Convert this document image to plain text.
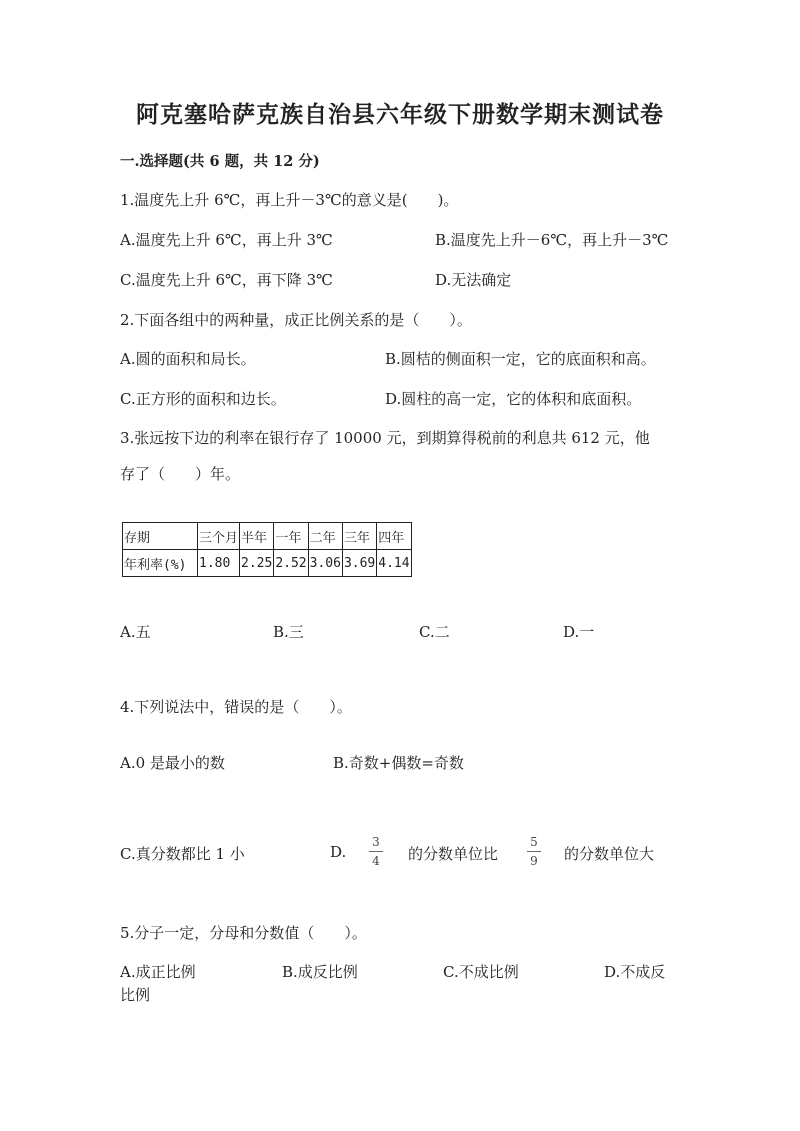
阿克塞哈萨克族自治县六年级下册数学期末测试卷
一.选择题(共 6 题，共 12 分)
1.温度先上升 6℃，再上升－3℃的意义是(　　)。
A.温度先上升 6℃，再上升 3℃	B.温度先上升－6℃，再上升－3℃
C.温度先上升 6℃，再下降 3℃	D.无法确定
2.下面各组中的两种量，成正比例关系的是（　　）。
A.圆的面积和局长。	B.圆桔的侧面积一定，它的底面积和高。
C.正方形的面积和边长。	D.圆柱的高一定，它的体积和底面积。
3.张远按下边的利率在银行存了 10000 元，到期算得税前的利息共 612 元，他
存了（　　）年。
存期	三个月	半年	一年	二年	三年	四年
年利率(%)	1.80	2.25	2.52	3.06	3.69	4.14
A.五	B.三	C.二	D.一
4.下列说法中，错误的是（　　）。
A.0 是最小的数	B.奇数+偶数=奇数
C.真分数都比 1 小	D.
3
4 的分数单位比
5
9 的分数单位大
5.分子一定，分母和分数值（　　）。
A.成正比例	B.成反比例	C.不成比例	D.不成反
比例
